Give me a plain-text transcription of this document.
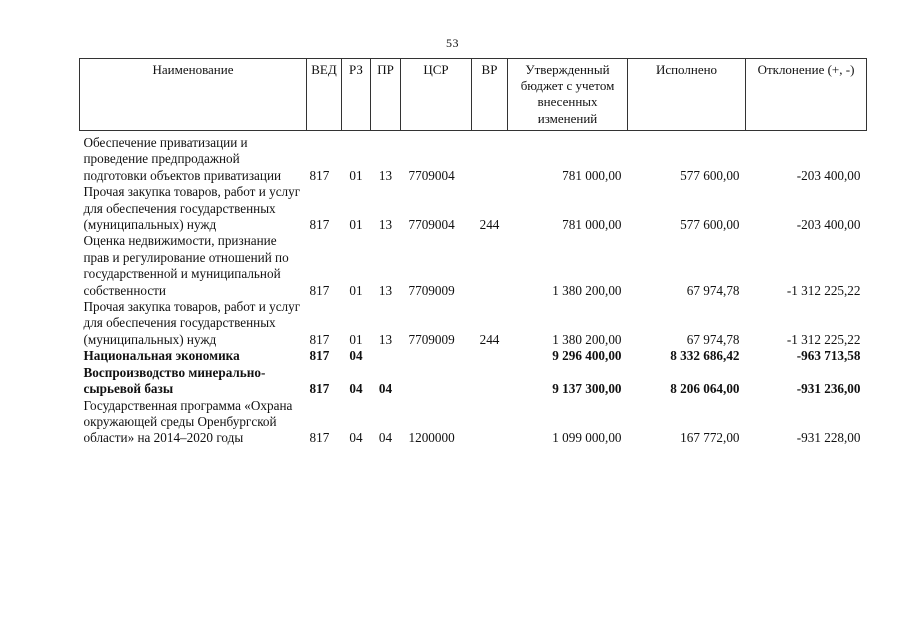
53
Наименование	ВЕД	РЗ	ПР	ЦСР	ВР	Утвержденный бюджет с учетом внесенных изменений	Исполнено	Отклонение (+, -)
Обеспечение приватизации и проведение предпродажной подготовки объектов приватизации	817	01	13	7709004		781 000,00	577 600,00	-203 400,00
Прочая закупка товаров, работ и услуг для обеспечения государственных (муниципальных) нужд	817	01	13	7709004	244	781 000,00	577 600,00	-203 400,00
Оценка недвижимости, признание прав и регулирование отношений по государственной и муниципальной собственности	817	01	13	7709009		1 380 200,00	67 974,78	-1 312 225,22
Прочая закупка товаров, работ и услуг для обеспечения государственных (муниципальных) нужд	817	01	13	7709009	244	1 380 200,00	67 974,78	-1 312 225,22
Национальная экономика	817	04				9 296 400,00	8 332 686,42	-963 713,58
Воспроизводство минерально-сырьевой базы	817	04	04			9 137 300,00	8 206 064,00	-931 236,00
Государственная программа «Охрана окружающей среды Оренбургской области» на 2014–2020 годы	817	04	04	1200000		1 099 000,00	167 772,00	-931 228,00
